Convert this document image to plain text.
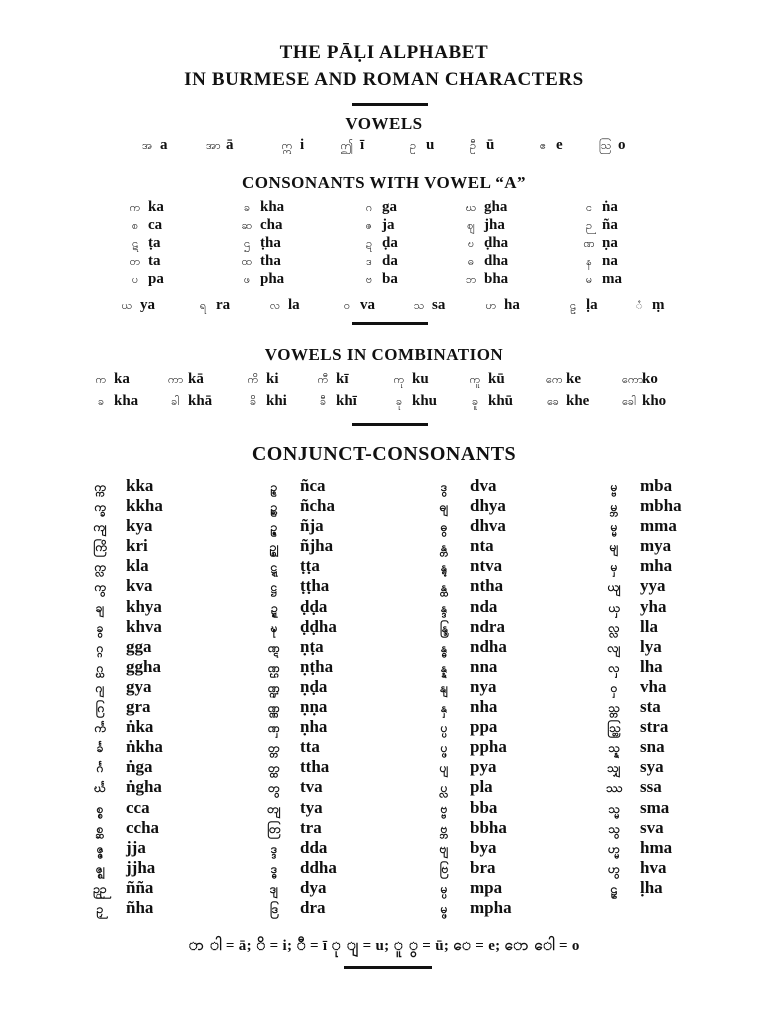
THE PĀḶI ALPHABET
IN BURMESE AND ROMAN CHARACTERS
VOWELS
အ a	အာ ā	ဣ i	ဤ ī	ဥ u	ဦ ū	ဧ e	ဩ o
CONSONANTS WITH VOWEL “A”
က ka	ခ kha	ဂ ga	ဃ gha	င ṅa
စ ca	ဆ cha	ဇ ja	ဈ jha	ဉ ña
ဋ ṭa	ဌ ṭha	ဍ ḍa	ဎ ḍha	ဏ ṇa
တ ta	ထ tha	ဒ da	ဓ dha	န na
ပ pa	ဖ pha	ဗ ba	ဘ bha	မ ma
ယ ya	ရ ra	လ la	ဝ va	သ sa	ဟ ha	ဠ ḷa	ံ ṃ
VOWELS IN COMBINATION
က ka	ကာ kā	ကိ ki	ကီ kī	ကု ku	ကူ kū	ကေ ke	ကောko
ခ kha	ခါ khā	ခိ khi	ခီ khī	ခု khu	ခူ khū	ခေ khe	ခေါ kho
CONJUNCT-CONSONANTS
က္က kka
က္ခ kkha
ကျ kya
ကြိ kri
က္လ kla
ကွ kva
ချ khya
ခွ khva
ဂ္ဂ gga
ဂ္ဃ ggha
ဂျ gya
ဂြ gra
င်္က ṅka
င်္ခ ṅkha
င်္ဂ ṅga
င်္ဃ ṅgha
စ္စ cca
စ္ဆ ccha
ဇ္ဇ jja
ဇ္ဈ jjha
ဉ္ဉ ñña
ဉှ ñha
ဉ္စ ñca
ဉ္ဆ ñcha
ဉ္ဇ ñja
ဉ္ဈ ñjha
ဋ္ဋ ṭṭa
ဋ္ဌ ṭṭha
ဍ္ဍ ḍḍa
ဍ္ဎ ḍḍha
ဏ္ဋ ṇṭa
ဏ္ဌ ṇṭha
ဏ္ဍ ṇḍa
ဏ္ဏ ṇṇa
ဏှ ṇha
တ္တ tta
တ္ထ ttha
တွ tva
တျ tya
တြ tra
ဒ္ဒ dda
ဒ္ဓ ddha
ဒျ dya
ဒြ dra
ဒွ dva
ဓျ dhya
ဓွ dhva
န္တ nta
န္တွ ntva
န္ထ ntha
န္ဒ nda
န္ဒြ ndra
န္ဓ ndha
န္န nna
နျ nya
နှ nha
ပ္ပ ppa
ပ္ဖ ppha
ပျ pya
ပ္လ pla
ဗ္ဗ bba
ဗ္ဘ bbha
ဗျ bya
ဗြ bra
မ္ပ mpa
မ္ဖ mpha
မ္ဗ mba
မ္ဘ mbha
မ္မ mma
မျ mya
မှ mha
ယျ yya
ယှ yha
လ္လ lla
လျ lya
လှ lha
ဝှ vha
သ္တ sta
သ္တြ stra
သ္န sna
သျှ sya
ဿ ssa
သ္မ sma
သွ sva
ဟ္မ hma
ဟွ hva
ဠှ ḷha
ာ ါ = ā; ိ = i; ီ = ī ု ျ = u; ူ ွ = ū; ေ = e; ော ေါ = o
